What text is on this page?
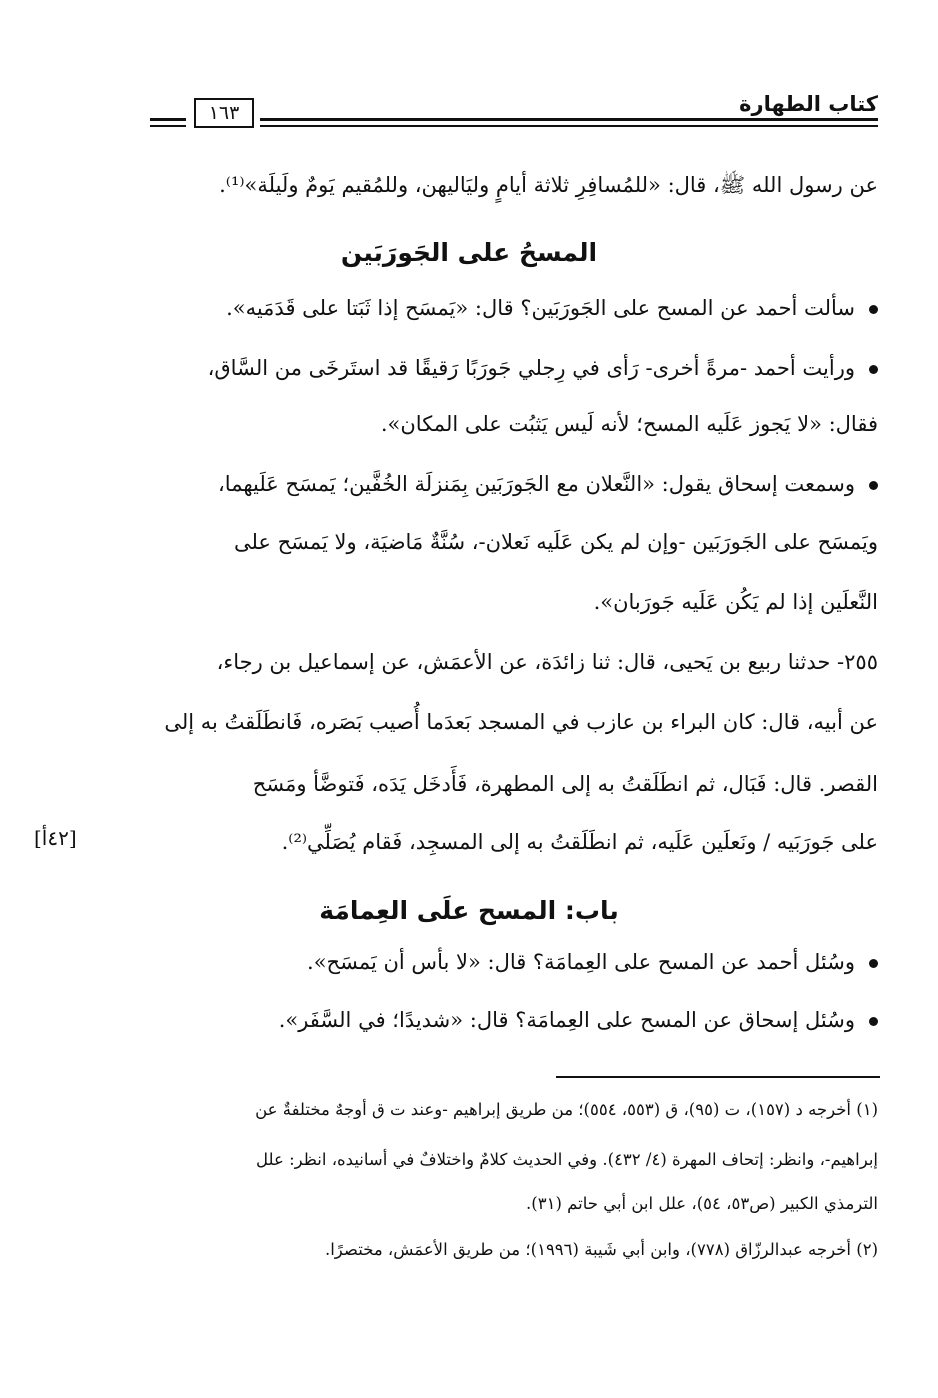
كتاب الطهارة
١٦٣
عن رسول الله ﷺ، قال: «للمُسافِرِ ثلاثة أيامٍ وليَاليهن، وللمُقيم يَومٌ ولَيلَة»⁽¹⁾.
المسحُ على الجَورَبَين
سألت أحمد عن المسح على الجَورَبَين؟ قال: «يَمسَح إذا ثَبَتا على قَدَمَيه».
ورأيت أحمد -مرةً أخرى- رَأى في رِجلي جَورَبًا رَقيقًا قد استَرخَى من السَّاق،
فقال: «لا يَجوز عَلَيه المسح؛ لأنه لَيس يَثبُت على المكان».
وسمعت إسحاق يقول: «النَّعلان مع الجَورَبَين بِمَنزلَة الخُفَّين؛ يَمسَح عَلَيهما،
ويَمسَح على الجَورَبَين -وإن لم يكن عَلَيه نَعلان-، سُنَّةٌ مَاضيَة، ولا يَمسَح على
النَّعلَين إذا لم يَكُن عَلَيه جَورَبان».
٢٥٥- حدثنا ربيع بن يَحيى، قال: ثنا زائدَة، عن الأعمَش، عن إسماعيل بن رجاء،
عن أبيه، قال: كان البراء بن عازب في المسجد بَعدَما أُصيب بَصَره، فَانطَلَقتُ به إلى
القصر. قال: فَبَال، ثم انطَلَقتُ به إلى المطهرة، فَأَدخَل يَدَه، فَتوضَّأ ومَسَح
على جَورَبَيه / ونَعلَين عَلَيه، ثم انطَلَقتُ به إلى المسجِد، فَقام يُصَلِّي⁽²⁾.
[٤٢أ]
باب: المسح علَى العِمامَة
وسُئل أحمد عن المسح على العِمامَة؟ قال: «لا بأس أن يَمسَح».
وسُئل إسحاق عن المسح على العِمامَة؟ قال: «شديدًا؛ في السَّفَر».
(١) أخرجه د (١٥٧)، ت (٩٥)، ق (٥٥٣، ٥٥٤)؛ من طريق إبراهيم -وعند ت ق أوجهٌ مختلفةٌ عن
إبراهيم-، وانظر: إتحاف المهرة (٤/ ٤٣٢). وفي الحديث كلامٌ واختلافٌ في أسانيده، انظر: علل
الترمذي الكبير (ص٥٣، ٥٤)، علل ابن أبي حاتم (٣١).
(٢) أخرجه عبدالرزّاق (٧٧٨)، وابن أبي شَيبة (١٩٩٦)؛ من طريق الأعمَش، مختصرًا.
